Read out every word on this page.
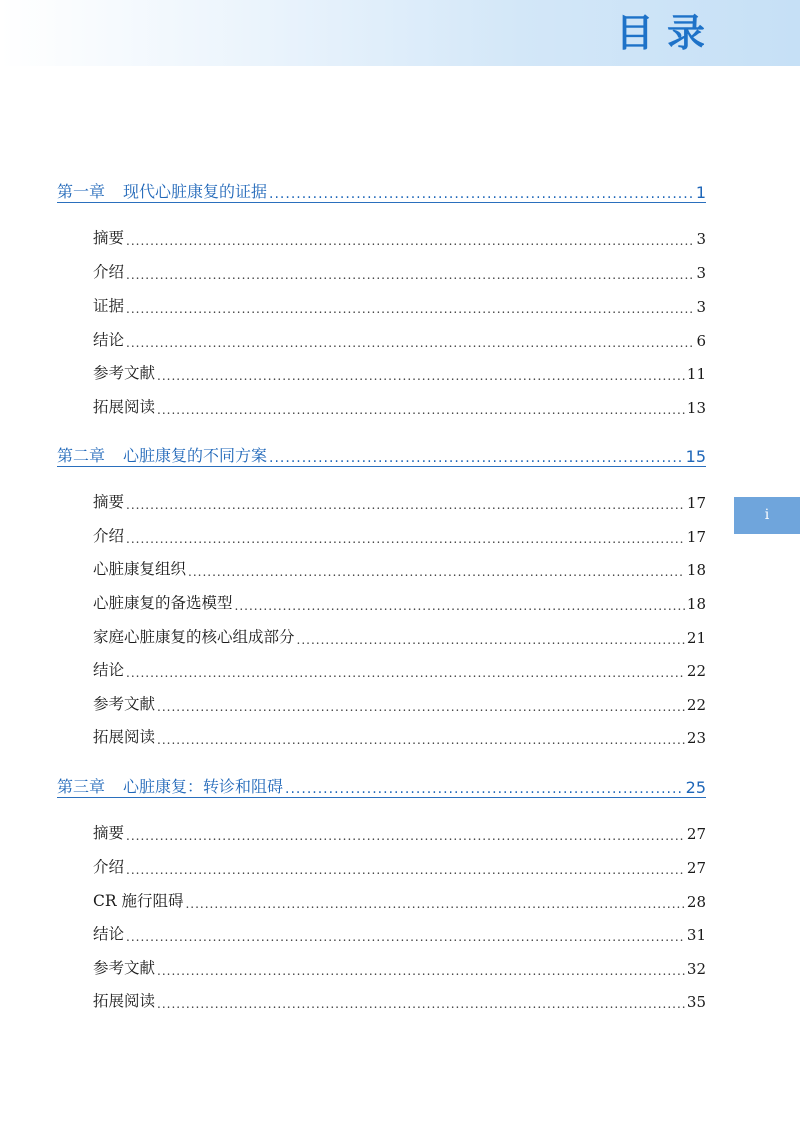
目 录
i
第一章 现代心脏康复的证据 .....	1
摘要 .....	3
介绍 .....	3
证据 .....	3
结论 .....	6
参考文献 .....	11
拓展阅读 .....	13
第二章 心脏康复的不同方案 .....	15
摘要 .....	17
介绍 .....	17
心脏康复组织 .....	18
心脏康复的备选模型 .....	18
家庭心脏康复的核心组成部分 .....	21
结论 .....	22
参考文献 .....	22
拓展阅读 .....	23
第三章 心脏康复：转诊和阻碍 .....	25
摘要 .....	27
介绍 .....	27
CR 施行阻碍 .....	28
结论 .....	31
参考文献 .....	32
拓展阅读 .....	35
